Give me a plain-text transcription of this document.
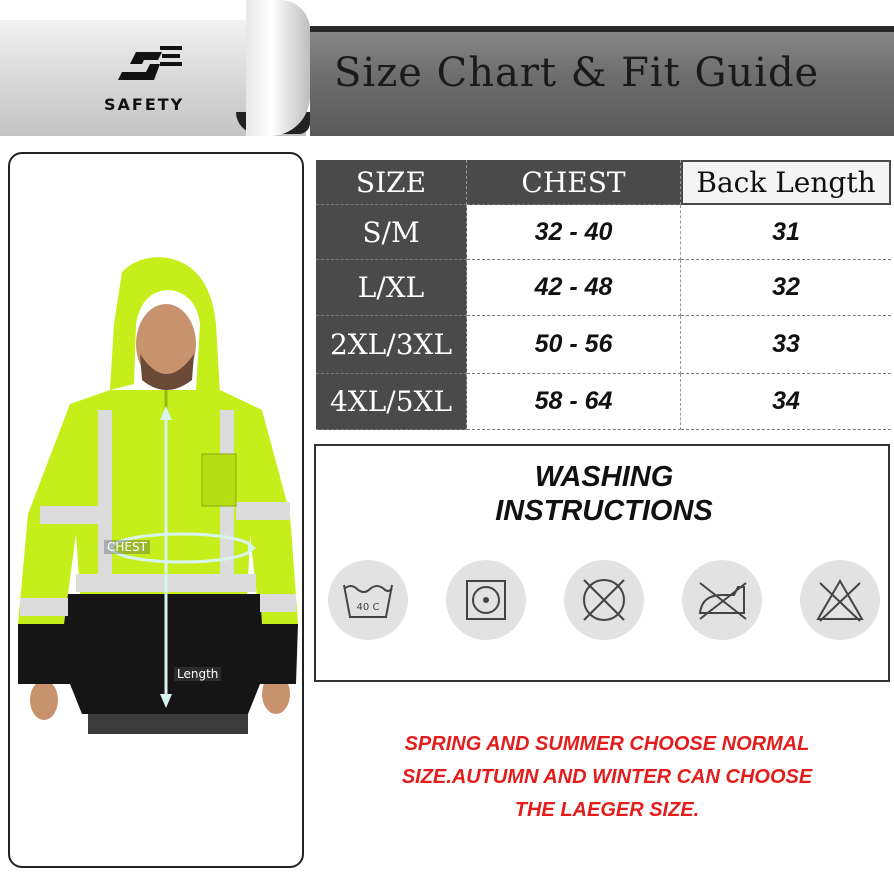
Size Chart & Fit Guide
SAFETY
CHEST
Length
SIZE	CHEST	Back Length
S/M	32 - 40	31
L/XL	42 - 48	32
2XL/3XL	50 - 56	33
4XL/5XL	58 - 64	34
WASHING
INSTRUCTIONS
40 C
SPRING AND SUMMER CHOOSE NORMAL
SIZE.AUTUMN AND WINTER CAN CHOOSE
THE LAEGER SIZE.
